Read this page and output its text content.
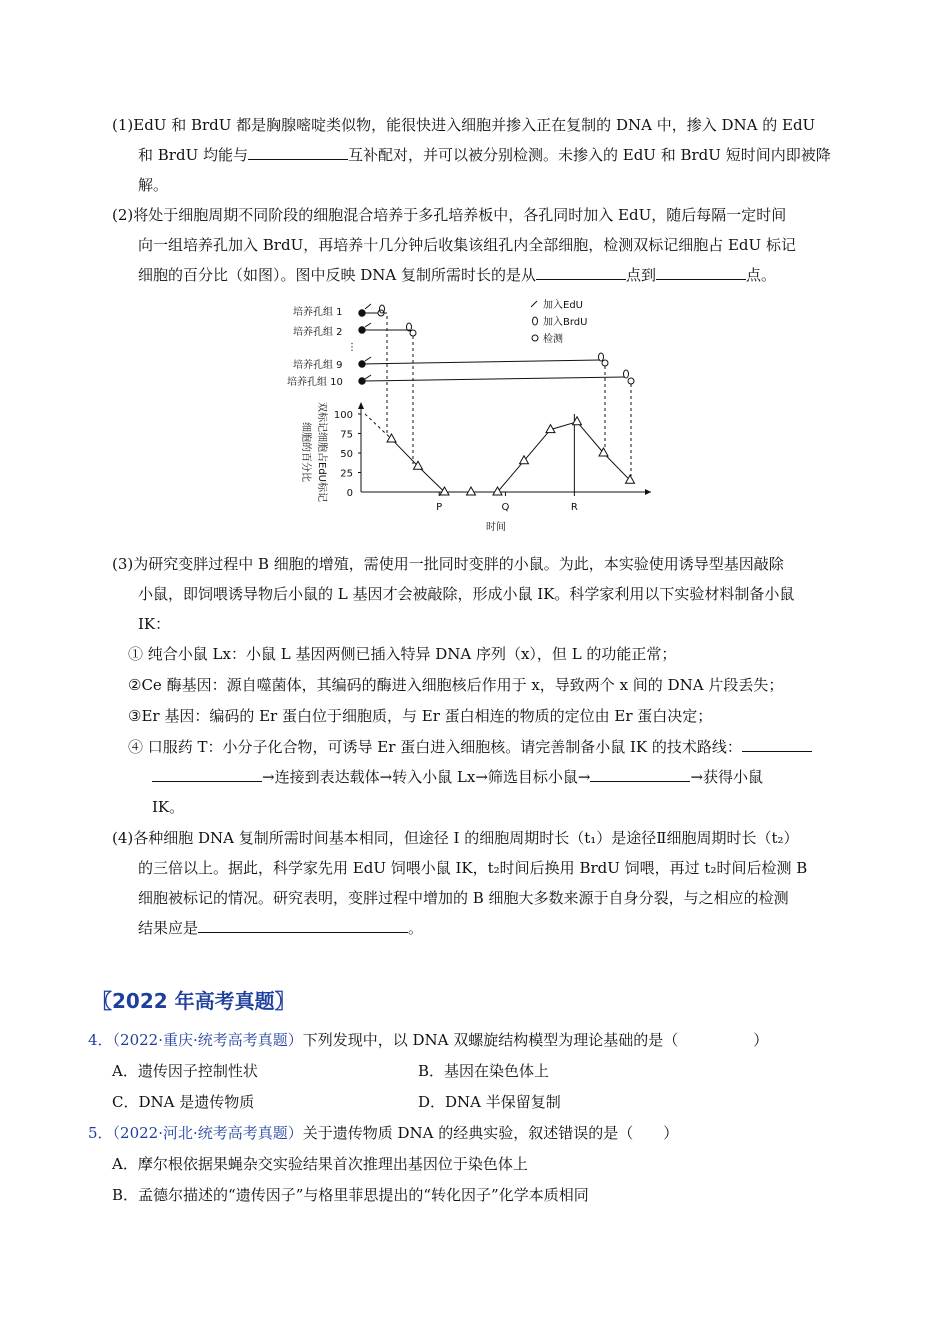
(1)EdU 和 BrdU 都是胸腺嘧啶类似物，能很快进入细胞并掺入正在复制的 DNA 中，掺入 DNA 的 EdU
和 BrdU 均能与	互补配对，并可以被分别检测。未掺入的 EdU 和 BrdU 短时间内即被降
解。
(2)将处于细胞周期不同阶段的细胞混合培养于多孔培养板中，各孔同时加入 EdU，随后每隔一定时间
向一组培养孔加入 BrdU，再培养十几分钟后收集该组孔内全部细胞，检测双标记细胞占 EdU 标记
细胞的百分比（如图）。图中反映 DNA 复制所需时长的是从	点到	点。
培养孔组 1
培养孔组 2
⋮
培养孔组 9
培养孔组 10
加入EdU
加入BrdU
检测
细胞的百分比 双标记细胞占EdU标记
时间
0
25
50
75
100
P	Q	R
(3)为研究变胖过程中 B 细胞的增殖，需使用一批同时变胖的小鼠。为此，本实验使用诱导型基因敲除
小鼠，即饲喂诱导物后小鼠的 L 基因才会被敲除，形成小鼠 IK。科学家利用以下实验材料制备小鼠
IK：
① 纯合小鼠 Lx：小鼠 L 基因两侧已插入特异 DNA 序列（x），但 L 的功能正常；
②Ce 酶基因：源自噬菌体，其编码的酶进入细胞核后作用于 x，导致两个 x 间的 DNA 片段丢失；
③Er 基因：编码的 Er 蛋白位于细胞质，与 Er 蛋白相连的物质的定位由 Er 蛋白决定；
④ 口服药 T：小分子化合物，可诱导 Er 蛋白进入细胞核。请完善制备小鼠 IK 的技术路线：
→连接到表达载体→转入小鼠 Lx→筛选目标小鼠→	→获得小鼠
IK。
(4)各种细胞 DNA 复制所需时间基本相同，但途径 I 的细胞周期时长（t₁）是途径Ⅱ细胞周期时长（t₂）
的三倍以上。据此，科学家先用 EdU 饲喂小鼠 IK，t₂时间后换用 BrdU 饲喂，再过 t₂时间后检测 B
细胞被标记的情况。研究表明，变胖过程中增加的 B 细胞大多数来源于自身分裂，与之相应的检测
结果应是	。
〖2022 年高考真题〗
4．（2022·重庆·统考高考真题）下列发现中，以 DNA 双螺旋结构模型为理论基础的是（　　　　　）
A．遗传因子控制性状	B．基因在染色体上
C．DNA 是遗传物质	D．DNA 半保留复制
5．（2022·河北·统考高考真题）关于遗传物质 DNA 的经典实验，叙述错误的是（　　）
A．摩尔根依据果蝇杂交实验结果首次推理出基因位于染色体上
B．孟德尔描述的“遗传因子”与格里菲思提出的“转化因子”化学本质相同
